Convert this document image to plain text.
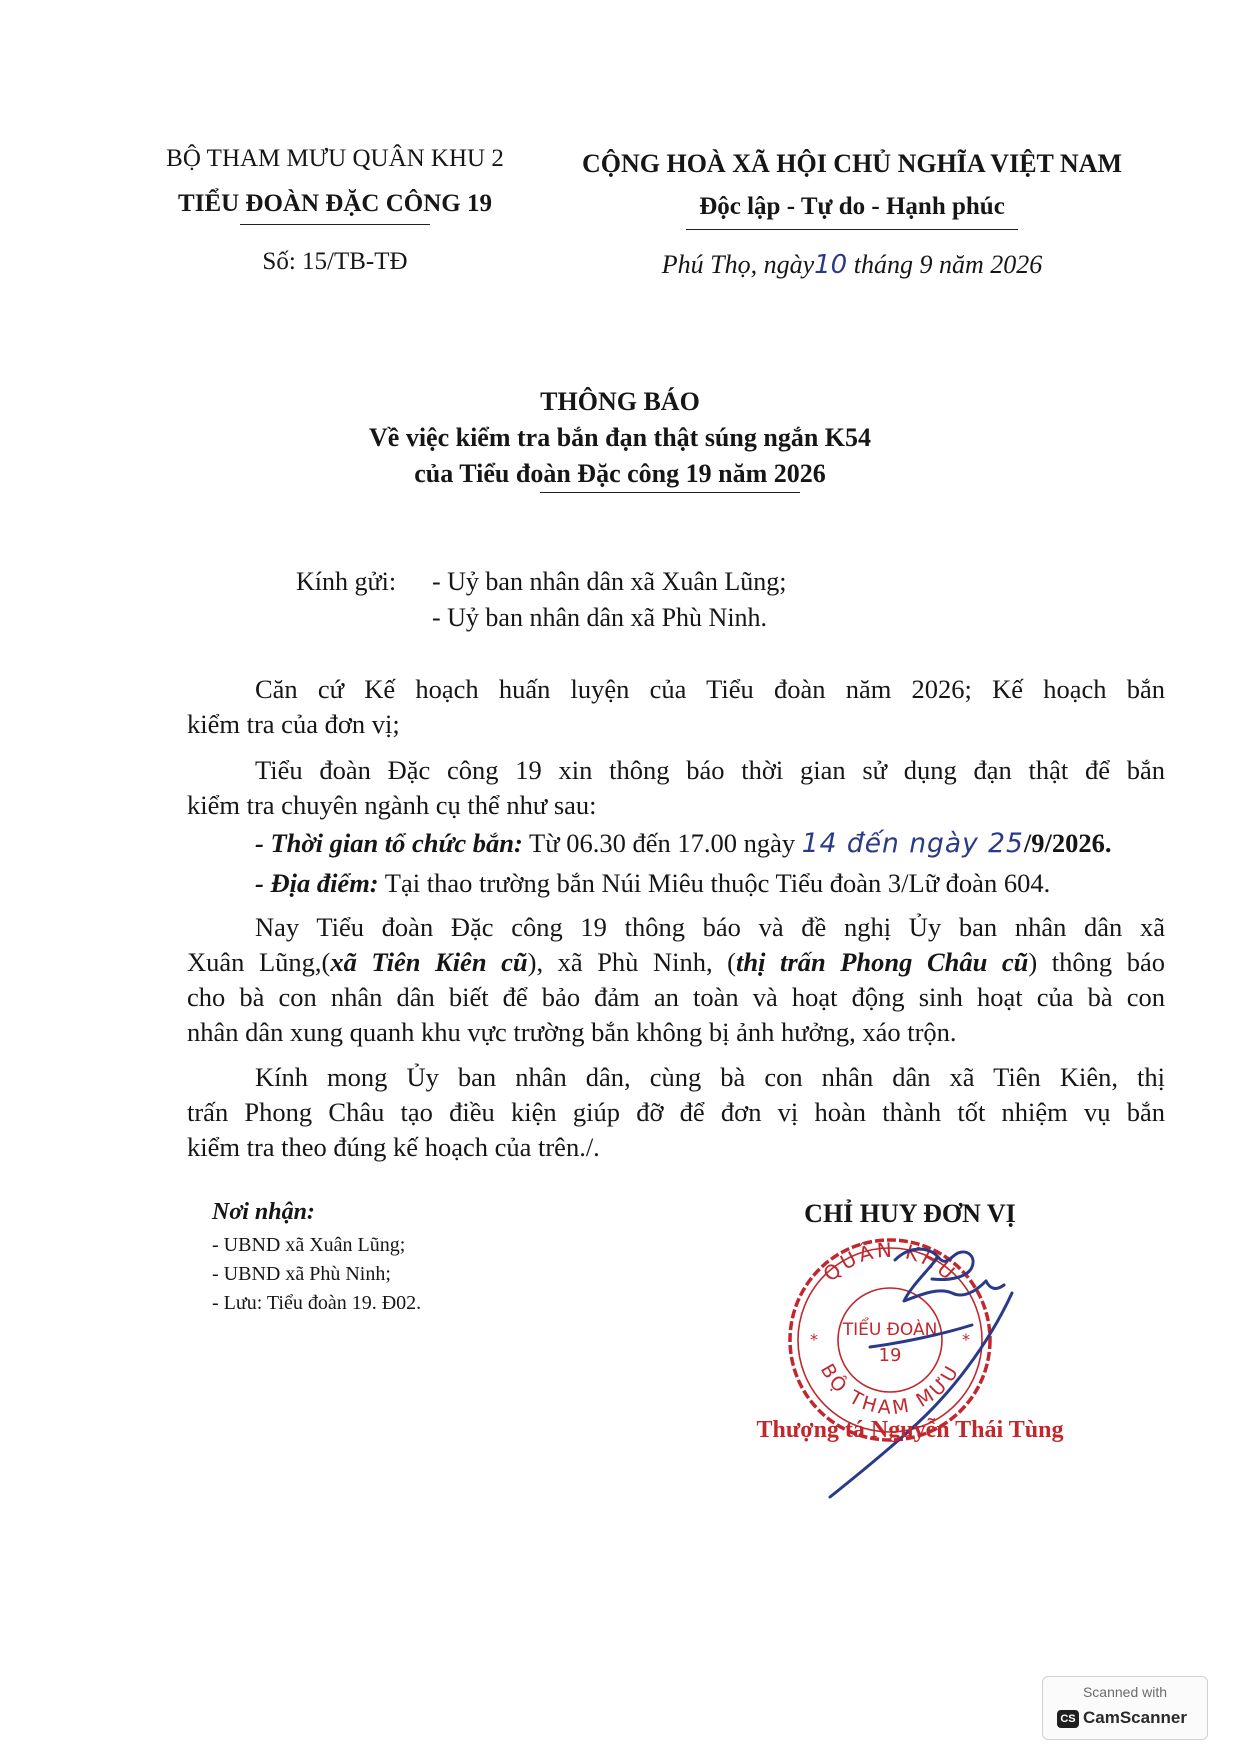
BỘ THAM MƯU QUÂN KHU 2
TIỂU ĐOÀN ĐẶC CÔNG 19
Số: 15/TB-TĐ
CỘNG HOÀ XÃ HỘI CHỦ NGHĨA VIỆT NAM
Độc lập - Tự do - Hạnh phúc
Phú Thọ, ngày10 tháng 9 năm 2026
THÔNG BÁO
Về việc kiểm tra bắn đạn thật súng ngắn K54
của Tiểu đoàn Đặc công 19 năm 2026
Kính gửi: - Uỷ ban nhân dân xã Xuân Lũng;
- Uỷ ban nhân dân xã Phù Ninh.
Căn cứ Kế hoạch huấn luyện của Tiểu đoàn năm 2026; Kế hoạch bắn
kiểm tra của đơn vị;
Tiểu đoàn Đặc công 19 xin thông báo thời gian sử dụng đạn thật để bắn
kiểm tra chuyên ngành cụ thể như sau:
- Thời gian tổ chức bắn: Từ 06.30 đến 17.00 ngày 14 đến ngày 25/9/2026.
- Địa điểm: Tại thao trường bắn Núi Miêu thuộc Tiểu đoàn 3/Lữ đoàn 604.
Nay Tiểu đoàn Đặc công 19 thông báo và đề nghị Ủy ban nhân dân xã
Xuân Lũng,(xã Tiên Kiên cũ), xã Phù Ninh, (thị trấn Phong Châu cũ) thông báo
cho bà con nhân dân biết để bảo đảm an toàn và hoạt động sinh hoạt của bà con
nhân dân xung quanh khu vực trường bắn không bị ảnh hưởng, xáo trộn.
Kính mong Ủy ban nhân dân, cùng bà con nhân dân xã Tiên Kiên, thị
trấn Phong Châu tạo điều kiện giúp đỡ để đơn vị hoàn thành tốt nhiệm vụ bắn
kiểm tra theo đúng kế hoạch của trên./.
Nơi nhận:
- UBND xã Xuân Lũng;
- UBND xã Phù Ninh;
- Lưu: Tiểu đoàn 19. Đ02.
CHỈ HUY ĐƠN VỊ
QUÂN KHU
BỘ THAM MƯU
TIỂU ĐOÀN
19
*	*
Thượng tá Nguyễn Thái Tùng
Scanned with
CS CamScanner
